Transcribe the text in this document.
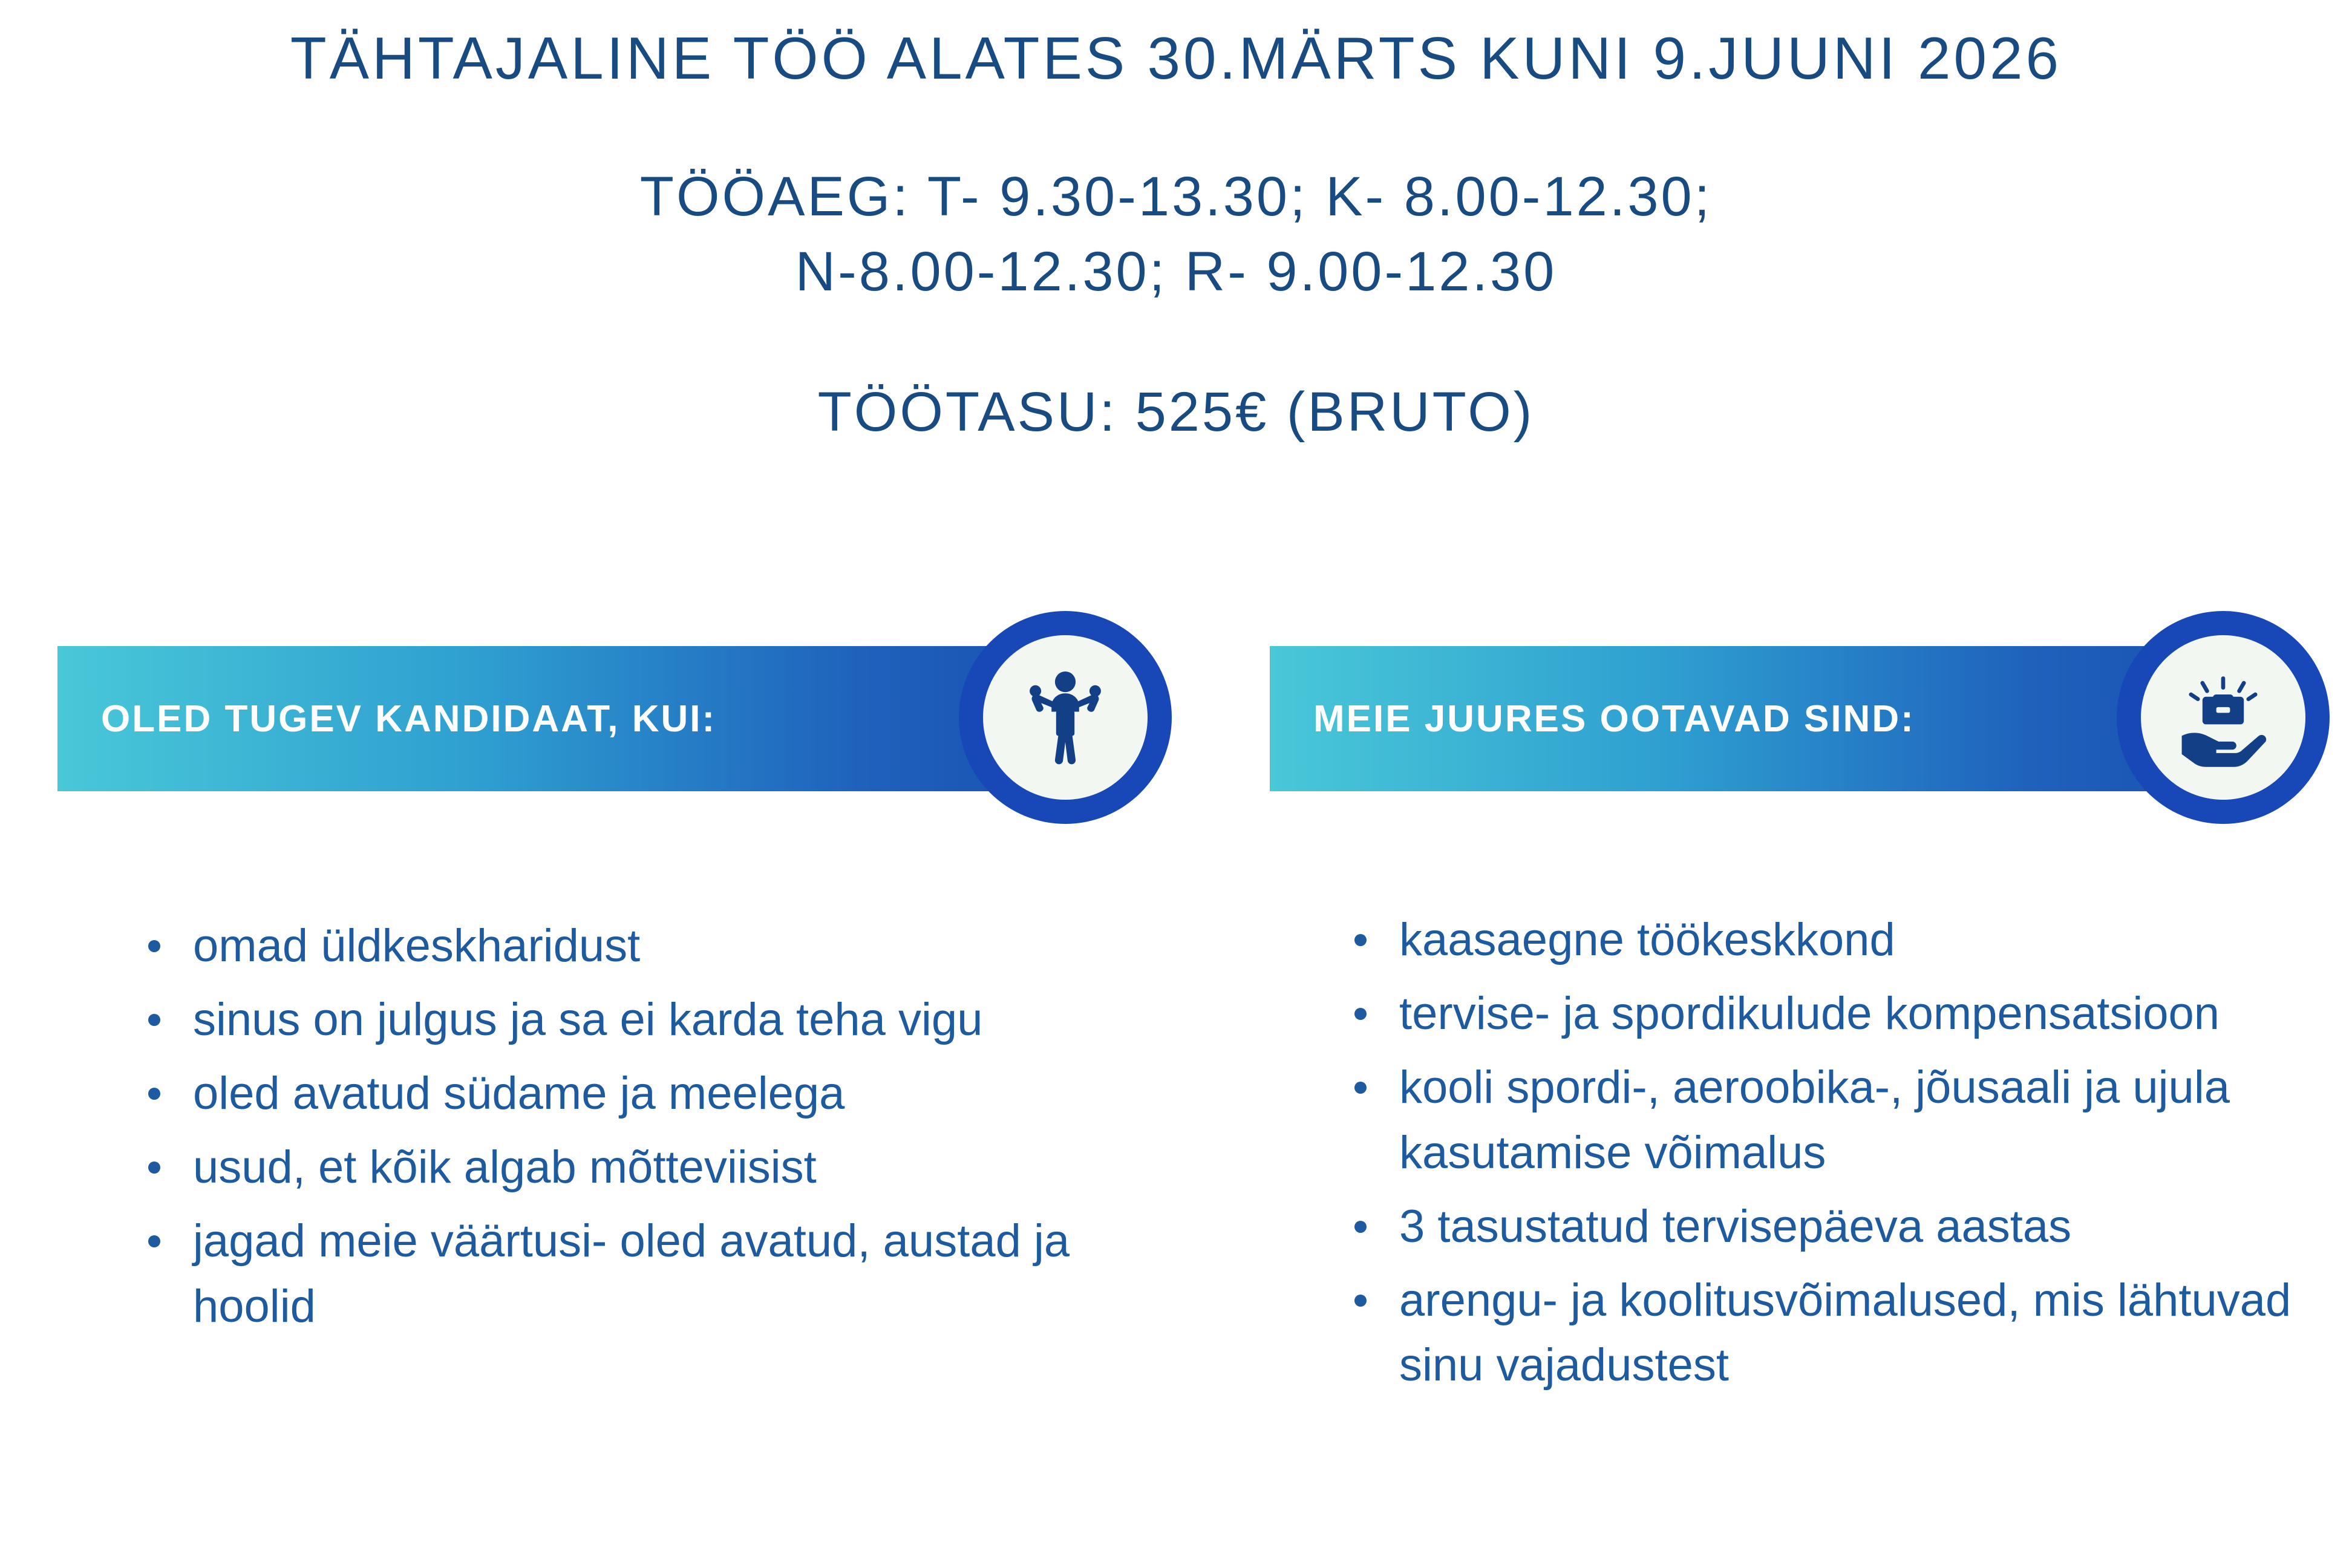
TÄHTAJALINE TÖÖ ALATES 30.MÄRTS KUNI 9.JUUNI 2026
TÖÖAEG: T- 9.30-13.30; K- 8.00-12.30;
N-8.00-12.30; R- 9.00-12.30
TÖÖTASU: 525€ (BRUTO)
OLED TUGEV KANDIDAAT, KUI:
omad üldkeskharidust
sinus on julgus ja sa ei karda teha vigu
oled avatud südame ja meelega
usud, et kõik algab mõtteviisist
jagad meie väärtusi- oled avatud, austad ja hoolid
MEIE JUURES OOTAVAD SIND:
kaasaegne töökeskkond
tervise- ja spordikulude kompensatsioon
kooli spordi-, aeroobika-, jõusaali ja ujula kasutamise võimalus
3 tasustatud tervisepäeva aastas
arengu- ja koolitusvõimalused, mis lähtuvad sinu vajadustest
